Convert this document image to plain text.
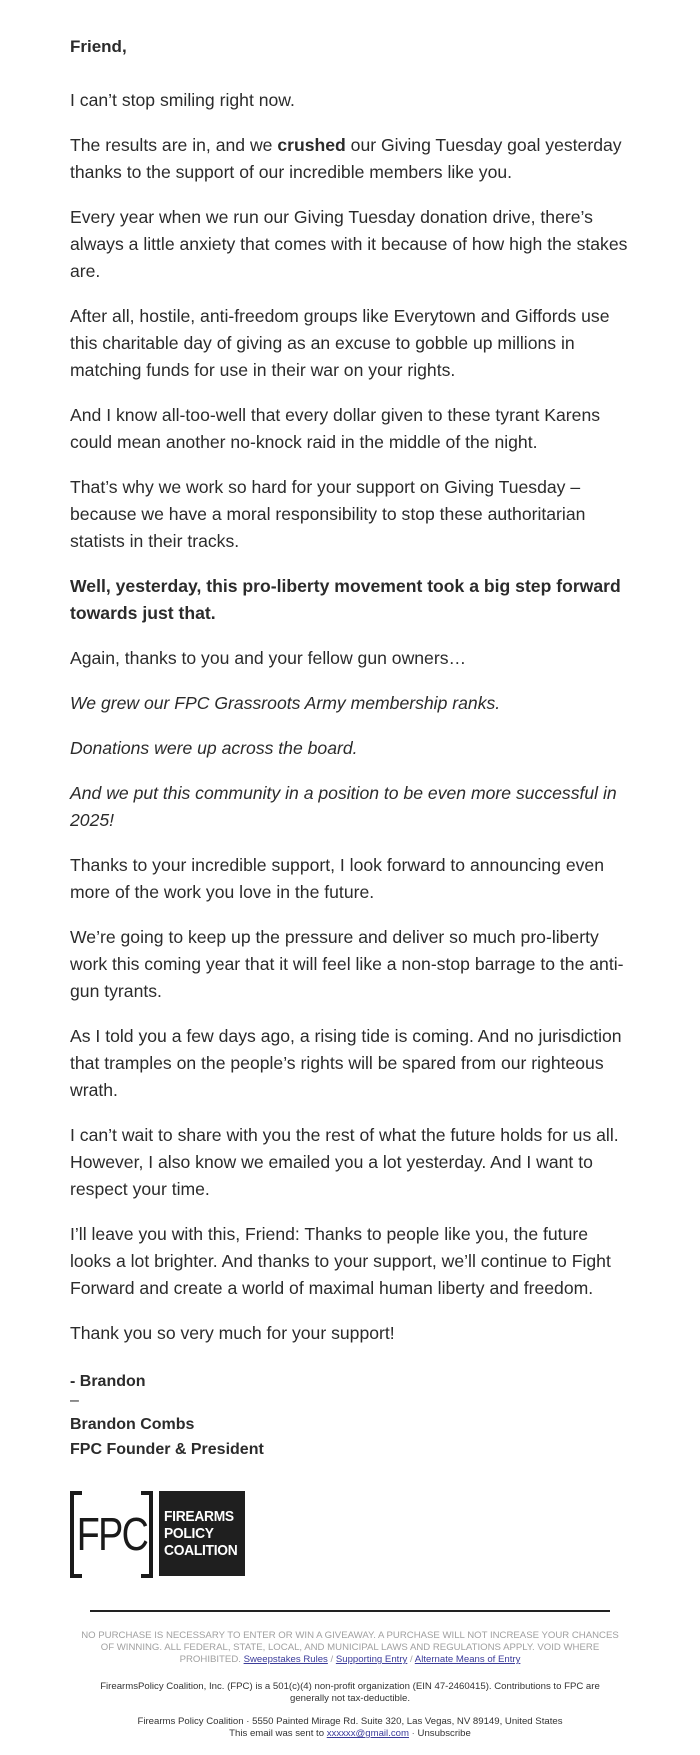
Friend,

I can’t stop smiling right now.

The results are in, and we crushed our Giving Tuesday goal yesterday thanks to the support of our incredible members like you.

Every year when we run our Giving Tuesday donation drive, there’s always a little anxiety that comes with it because of how high the stakes are.

After all, hostile, anti-freedom groups like Everytown and Giffords use this charitable day of giving as an excuse to gobble up millions in matching funds for use in their war on your rights.

And I know all-too-well that every dollar given to these tyrant Karens could mean another no-knock raid in the middle of the night.

That’s why we work so hard for your support on Giving Tuesday – because we have a moral responsibility to stop these authoritarian statists in their tracks.

Well, yesterday, this pro-liberty movement took a big step forward towards just that.

Again, thanks to you and your fellow gun owners…

We grew our FPC Grassroots Army membership ranks.

Donations were up across the board.

And we put this community in a position to be even more successful in 2025!

Thanks to your incredible support, I look forward to announcing even more of the work you love in the future.

We’re going to keep up the pressure and deliver so much pro-liberty work this coming year that it will feel like a non-stop barrage to the anti-gun tyrants.

As I told you a few days ago, a rising tide is coming. And no jurisdiction that tramples on the people’s rights will be spared from our righteous wrath.

I can’t wait to share with you the rest of what the future holds for us all. However, I also know we emailed you a lot yesterday. And I want to respect your time.

I’ll leave you with this, Friend: Thanks to people like you, the future looks a lot brighter. And thanks to your support, we’ll continue to Fight Forward and create a world of maximal human liberty and freedom.

Thank you so very much for your support!

- Brandon
–
Brandon Combs
FPC Founder & President
FPC FIREARMS
POLICY
COALITION
NO PURCHASE IS NECESSARY TO ENTER OR WIN A GIVEAWAY. A PURCHASE WILL NOT INCREASE YOUR CHANCES OF WINNING. ALL FEDERAL, STATE, LOCAL, AND MUNICIPAL LAWS AND REGULATIONS APPLY. VOID WHERE PROHIBITED. Sweepstakes Rules / Supporting Entry / Alternate Means of Entry
FirearmsPolicy Coalition, Inc. (FPC) is a 501(c)(4) non-profit organization (EIN 47-2460415). Contributions to FPC are generally not tax-deductible.
Firearms Policy Coalition · 5550 Painted Mirage Rd. Suite 320, Las Vegas, NV 89149, United States
This email was sent to xxxxxx@gmail.com · Unsubscribe
